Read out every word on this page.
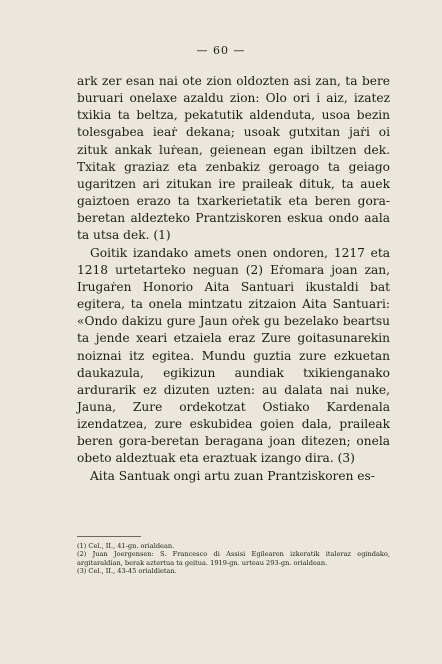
— 60 —

ark zer esan nai ote zion oldozten asi zan, ta bere buruari onelaxe azaldu zion: Olo ori i aiz, izatez txikia ta beltza, pekatutik aldenduta, usoa bezin tolesgabea ieaṙ dekana; usoak gutxitan jaṙi oi zituk ankak luṙean, geienean egan ibiltzen dek. Txitak graziaz eta zenbakiz geroago ta geiago ugaritzen ari zitukan ire praileak dituk, ta auek gaiztoen erazo ta txarkerietatik eta beren gora-beretan aldezteko Prantziskoren eskua ondo aala ta utsa dek. (1)

Goitik izandako amets onen ondoren, 1217 eta 1218 urtetarteko neguan (2) Eṙomara joan zan, Irugaṙen Honorio Aita Santuari ikustaldi bat egitera, ta onela mintzatu zitzaion Aita Santuari: «Ondo dakizu gure Jaun oṙek gu bezelako beartsu ta jende xeari etzaiela eraz Zure goitasunarekin noiznai itz egitea. Mundu guztia zure ezkuetan daukazula, egikizun aundiak txikienganako ardurarik ez dizuten uzten: au dalata nai nuke, Jauna, Zure ordekotzat Ostiako Kardenala izendatzea, zure eskubidea goien dala, praileak beren gora-beretan beragana joan ditezen; onela obeto aldeztuak eta eraztuak izango dira. (3)

Aita Santuak ongi artu zuan Prantziskoren es-

(1) Cel., II., 41-gn. orialdean.

(2) Juan Joergensen: S. Francesco di Assisi Egilearen izkeratik italeraz egindako, argitaraldian, berak aztertua ta geitua. 1919-gn. urteau 293-gn. orialdean.

(3) Cel., II., 43-45 orialdietan.
